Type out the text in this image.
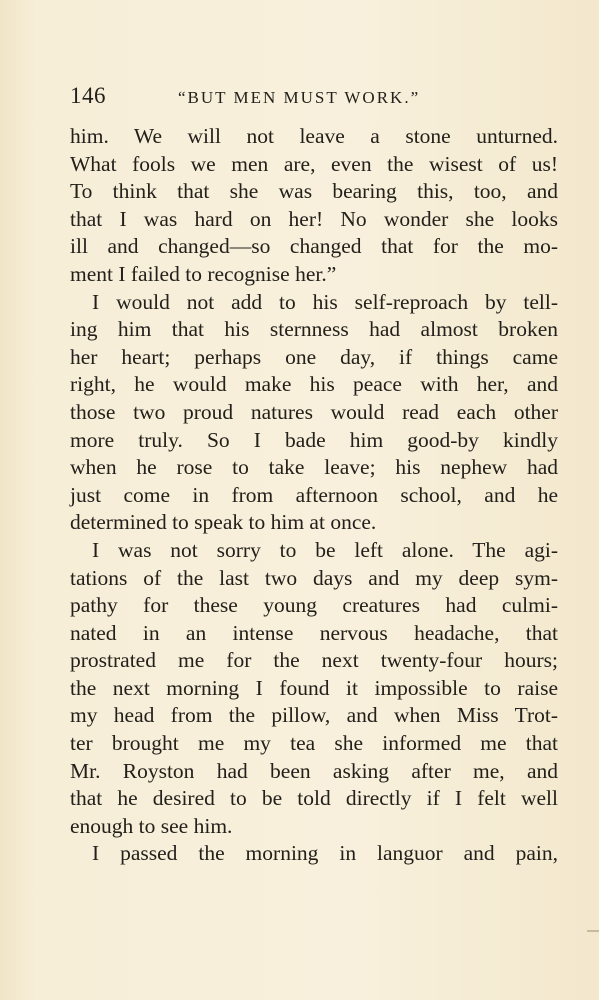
146	“BUT MEN MUST WORK.”
him. We will not leave a stone unturned.
What fools we men are, even the wisest of us!
To think that she was bearing this, too, and
that I was hard on her! No wonder she looks
ill and changed—so changed that for the mo-
ment I failed to recognise her.”
I would not add to his self-reproach by tell-
ing him that his sternness had almost broken
her heart; perhaps one day, if things came
right, he would make his peace with her, and
those two proud natures would read each other
more truly. So I bade him good-by kindly
when he rose to take leave; his nephew had
just come in from afternoon school, and he
determined to speak to him at once.
I was not sorry to be left alone. The agi-
tations of the last two days and my deep sym-
pathy for these young creatures had culmi-
nated in an intense nervous headache, that
prostrated me for the next twenty-four hours;
the next morning I found it impossible to raise
my head from the pillow, and when Miss Trot-
ter brought me my tea she informed me that
Mr. Royston had been asking after me, and
that he desired to be told directly if I felt well
enough to see him.
I passed the morning in languor and pain,
